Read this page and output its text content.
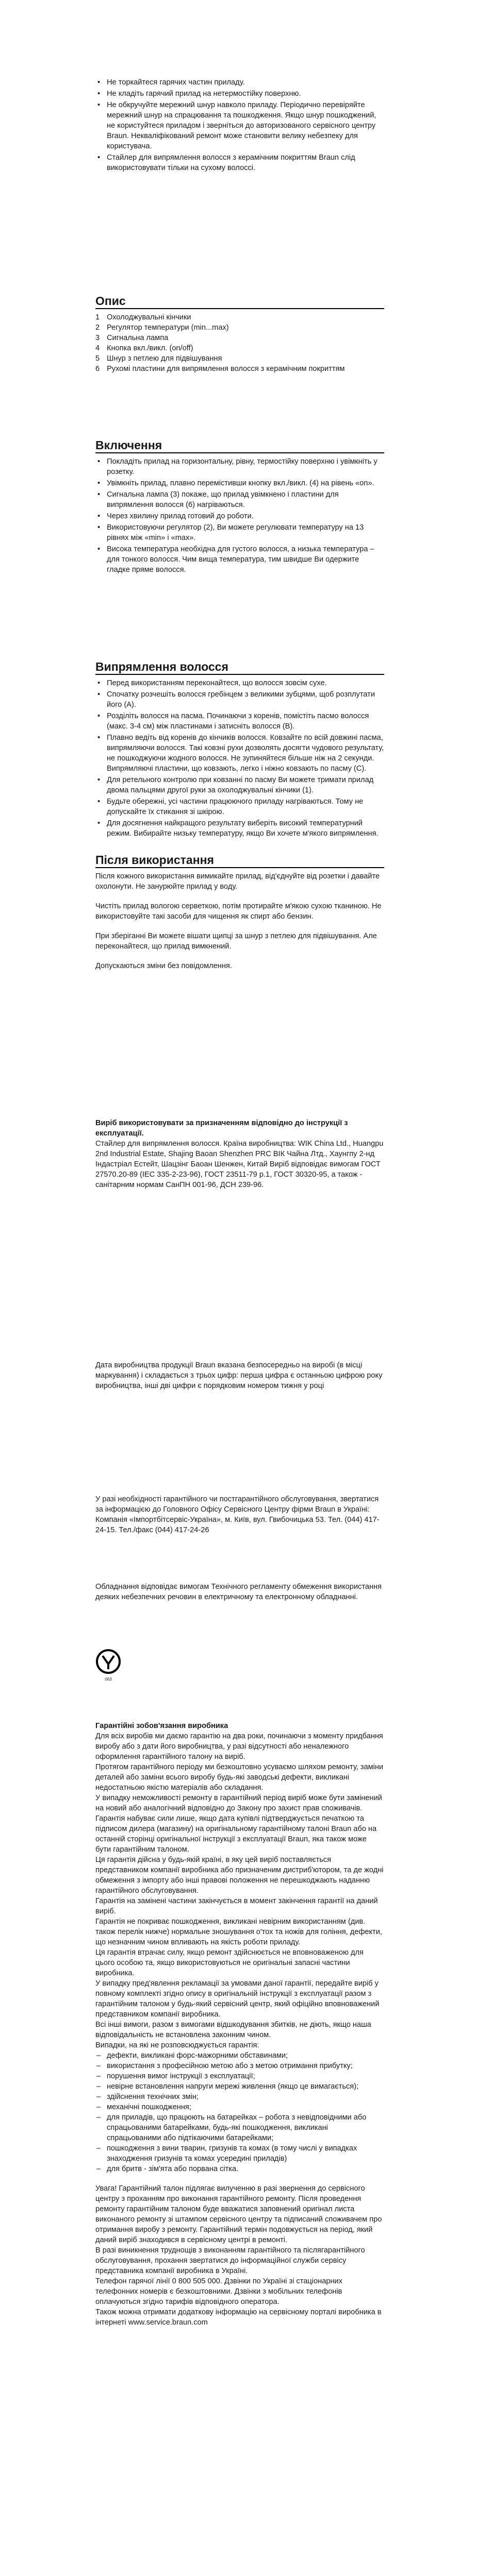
• Не торкайтеся гарячих частин приладу.
• Не кладіть гарячий прилад на нетермостійку поверхню.
• Не обкручуйте мережний шнур навколо приладу. Періодично перевіряйте мережний шнур на спрацювання та пошкодження. Якщо шнур пошкоджений, не користуйтеся приладом і зверніться до авторизованого сервісного центру Braun. Некваліфікований ремонт може становити велику небезпеку для користувача.
• Стайлер для випрямлення волосся з керамічним покриттям Braun слід використовувати тільки на сухому волоссі.
Опис
1 Охолоджувальні кінчики
2 Регулятор температури (min...max)
3 Сигнальна лампа
4 Кнопка вкл./викл. (on/off)
5 Шнур з петлею для підвішування
6 Рухомі пластини для випрямлення волосся з керамічним покриттям
Включення
• Покладіть прилад на горизонтальну, рівну, термостійку поверхню і увімкніть у розетку.
• Увімкніть прилад, плавно перемістивши кнопку вкл./викл. (4) на рівень «on».
• Сигнальна лампа (3) покаже, що прилад увімкнено і пластини для випрямлення волосся (6) нагріваються.
• Через хвилину прилад готовий до роботи.
• Використовуючи регулятор (2), Ви можете регулювати температуру на 13 рівнях між «min» і «max».
• Висока температура необхідна для густого волосся, а низька температура – для тонкого волосся. Чим вища температура, тим швидше Ви одержите гладке пряме волосся.
Випрямлення волосся
• Перед використанням переконайтеся, що волосся зовсім сухе.
• Спочатку розчешіть волосся гребінцем з великими зубцями, щоб розплутати його (А).
• Розділіть волосся на пасма. Починаючи з коренів, помістіть пасмо волосся (макс. 3-4 см) між пластинами і затисніть волосся (В).
• Плавно ведіть від коренів до кінчиків волосся. Ковзайте по всій довжині пасма, випрямляючи волосся. Такі ковзні рухи дозволять досягти чудового результату, не пошкоджуючи жодного волосся. Не зупиняйтеся більше ніж на 2 секунди. Випрямляючі пластини, що ковзають, легко і ніжно ковзають по пасму (С).
• Для ретельного контролю при ковзанні по пасму Ви можете тримати прилад двома пальцями другої руки за охолоджувальні кінчики (1).
• Будьте обережні, усі частини працюючого приладу нагріваються. Тому не допускайте їх стикання зі шкірою.
• Для досягнення найкращого результату виберіть високий температурний режим. Вибирайте низьку температуру, якщо Ви хочете м'якого випрямлення.
Після використання

Після кожного використання вимикайте прилад, від'єднуйте від розетки і давайте охолонути. Не занурюйте прилад у воду.

Чистіть прилад вологою серветкою, потім протирайте м'якою сухою тканиною. Не використовуйте такі засоби для чищення як спирт або бензин.

При зберіганні Ви можете вішати щипці за шнур з петлею для підвішування. Але переконайтеся, що прилад вимкнений.

Допускаються зміни без повідомлення.

Виріб використовувати за призначенням відповідно до інструкції з експлуатації.

Стайлер для випрямлення волосся. Країна виробництва: WIK China Ltd., Huangpu 2nd Industrial Estate, Shajing Baoan Shenzhen PRC ВІК Чайна Лтд., Хаунгпу 2-нд Індастріал Естейт, Шацзінг Баоан Шенжен, Китай Виріб відповідає вимогам ГОСТ 27570.20-89 (IEC 335-2-23-96), ГОСТ 23511-79 р.1, ГОСТ 30320-95, а також - санітарним нормам СанПН 001-96, ДСН 239-96.

Дата виробництва продукції Braun вказана безпосередньо на виробі (в місці маркування) і складається з трьох цифр: перша цифра є останньою цифрою року виробництва, інші дві цифри є порядковим номером тижня у році

У разі необхідності гарантійного чи постгарантійного обслуговування, звертатися за інформацією до Головного Офісу Сервісного Центру фірми Braun в Україні: Компанія «Імпортбітсервіс-Україна», м. Київ, вул. Гвибочицька 53. Тел. (044) 417-24-15. Тел./факс (044) 417-24-26

Обладнання відповідає вимогам Технічного регламенту обмеження використання деяких небезпечних речовин в електричному та електронному обладнанні.

063

Гарантійні зобов'язання виробника

Для всіх виробів ми даємо гарантію на два роки, починаючи з моменту придбання виробу або з дати його виробництва, у разі відсутності або неналежного оформлення гарантійного талону на виріб.

Протягом гарантійного періоду ми безкоштовно усуваємо шляхом ремонту, заміни деталей або заміни всього виробу будь-які заводські дефекти, викликані недостатньою якістю матеріалів або складання.

У випадку неможливості ремонту в гарантійний період виріб може бути замінений на новий або аналогічний відповідно до Закону про захист прав споживачів.

Гарантія набуває сили лише, якщо дата купівлі підтверджується печаткою та підписом дилера (магазину) на оригінальному гарантійному талоні Braun або на останній сторінці оригінальної інструкції з експлуатації Braun, яка також може бути гарантійним талоном.

Ця гарантія дійсна у будь-якій країні, в яку цей виріб поставляється представником компанії виробника або призначеним дистриб'ютором, та де жодні обмеження з імпорту або інші правові положення не перешкоджають наданню гарантійного обслуговування.

Гарантія на замінені частини закінчується в момент закінчення гарантії на даний виріб.

Гарантія не покриває пошкодження, викликані невірним використанням (див. також перелік нижче) нормальне зношування о'тох та ножів для гоління, дефекти, що незначним чином впливають на якість роботи приладу.

Ця гарантія втрачає силу, якщо ремонт здійснюється не вповноваженою для цього особою та, якщо використовуються не оригінальні запасні частини виробника.

У випадку пред'явлення рекламації за умовами даної гарантії, передайте виріб у повному комплекті згідно опису в оригінальній інструкції з експлуатації разом з гарантійним талоном у будь-який сервісний центр, який офіційно вповноважений представником компанії виробника.

Всі інші вимоги, разом з вимогами відшкодування збитків, не діють, якщо наша відповідальність не встановлена законним чином.

Випадки, на які не розповсюджується гарантія:

– дефекти, викликані форс-мажорними обставинами;
– використання з професійною метою або з метою отримання прибутку;
– порушення вимог інструкції з експлуатації;
– невірне встановлення напруги мережі живлення (якщо це вимагається);
– здійснення технічних змін;
– механічні пошкодження;
– для приладів, що працюють на батарейках – робота з невідповідними або спрацьованими батарейками, будь-які пошкодження, викликані спрацьованими або підтікаючими батарейками;
– пошкодження з вини тварин, гризунів та комах (в тому числі у випадках знаходження гризунів та комах усередині приладів)
– для бритв - зім'ята або порвана сітка.

Увага! Гарантійний талон підлягає вилученню в разі звернення до сервісного центру з проханням про виконання гарантійного ремонту. Після проведення ремонту гарантійним талоном буде вважатися заповнений оригінал листа виконаного ремонту зі штампом сервісного центру та підписаний споживачем про отримання виробу з ремонту. Гарантійний термін подовжується на період, який даний виріб знаходився в сервісному центрі в ремонті.

В разі виникнення труднощів з виконанням гарантійного та післягарантійного обслуговування, прохання звертатися до інформаційної служби сервісу представника компанії виробника в Україні.

Телефон гарячої лінії 0 800 505 000. Дзвінки по Україні зі стаціонарних телефонних номерів є безкоштовними. Дзвінки з мобільних телефонів оплачуються згідно тарифів відповідного оператора.

Також можна отримати додаткову інформацію на сервісному порталі виробника в інтернеті www.service.braun.com
